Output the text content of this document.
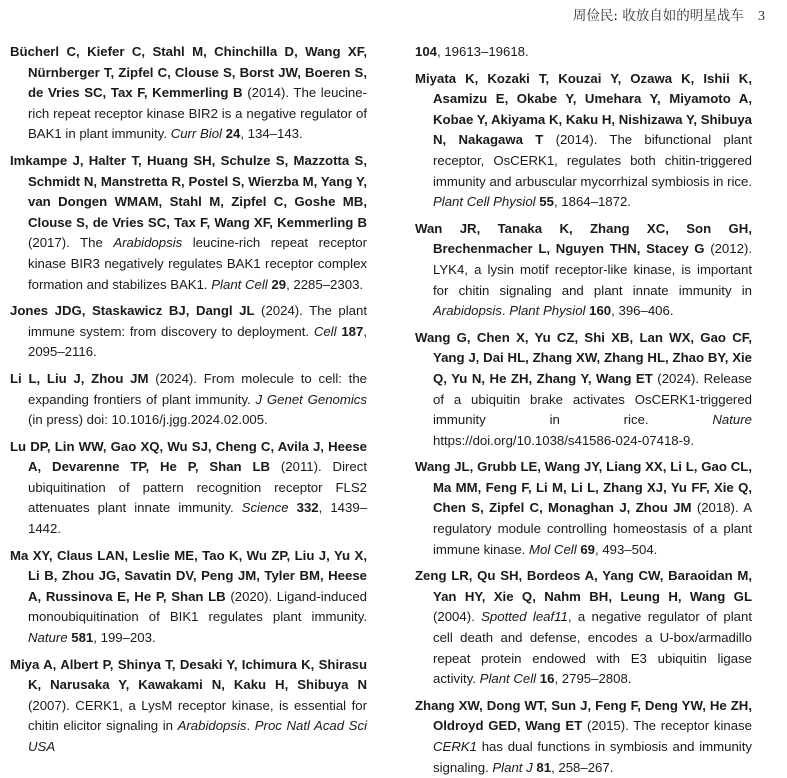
周俭民: 收放自如的明星战车 3

Bücherl C, Kiefer C, Stahl M, Chinchilla D, Wang XF, Nürnberger T, Zipfel C, Clouse S, Borst JW, Boeren S, de Vries SC, Tax F, Kemmerling B (2014). The leucine-rich repeat receptor kinase BIR2 is a negative regulator of BAK1 in plant immunity. Curr Biol 24, 134–143.

Imkampe J, Halter T, Huang SH, Schulze S, Mazzotta S, Schmidt N, Manstretta R, Postel S, Wierzba M, Yang Y, van Dongen WMAM, Stahl M, Zipfel C, Goshe MB, Clouse S, de Vries SC, Tax F, Wang XF, Kemmerling B (2017). The Arabidopsis leucine-rich repeat receptor kinase BIR3 negatively regulates BAK1 receptor complex formation and stabilizes BAK1. Plant Cell 29, 2285–2303.

Jones JDG, Staskawicz BJ, Dangl JL (2024). The plant immune system: from discovery to deployment. Cell 187, 2095–2116.

Li L, Liu J, Zhou JM (2024). From molecule to cell: the expanding frontiers of plant immunity. J Genet Genomics (in press) doi: 10.1016/j.jgg.2024.02.005.

Lu DP, Lin WW, Gao XQ, Wu SJ, Cheng C, Avila J, Heese A, Devarenne TP, He P, Shan LB (2011). Direct ubiquitination of pattern recognition receptor FLS2 attenuates plant innate immunity. Science 332, 1439–1442.

Ma XY, Claus LAN, Leslie ME, Tao K, Wu ZP, Liu J, Yu X, Li B, Zhou JG, Savatin DV, Peng JM, Tyler BM, Heese A, Russinova E, He P, Shan LB (2020). Ligand-induced monoubiquitination of BIK1 regulates plant immunity. Nature 581, 199–203.

Miya A, Albert P, Shinya T, Desaki Y, Ichimura K, Shirasu K, Narusaka Y, Kawakami N, Kaku H, Shibuya N (2007). CERK1, a LysM receptor kinase, is essential for chitin elicitor signaling in Arabidopsis. Proc Natl Acad Sci USA

104, 19613–19618.

Miyata K, Kozaki T, Kouzai Y, Ozawa K, Ishii K, Asamizu E, Okabe Y, Umehara Y, Miyamoto A, Kobae Y, Akiyama K, Kaku H, Nishizawa Y, Shibuya N, Nakagawa T (2014). The bifunctional plant receptor, OsCERK1, regulates both chitin-triggered immunity and arbuscular mycorrhizal symbiosis in rice. Plant Cell Physiol 55, 1864–1872.

Wan JR, Tanaka K, Zhang XC, Son GH, Brechenmacher L, Nguyen THN, Stacey G (2012). LYK4, a lysin motif receptor-like kinase, is important for chitin signaling and plant innate immunity in Arabidopsis. Plant Physiol 160, 396–406.

Wang G, Chen X, Yu CZ, Shi XB, Lan WX, Gao CF, Yang J, Dai HL, Zhang XW, Zhang HL, Zhao BY, Xie Q, Yu N, He ZH, Zhang Y, Wang ET (2024). Release of a ubiquitin brake activates OsCERK1-triggered immunity in rice. Nature https://doi.org/10.1038/s41586-024-07418-9.

Wang JL, Grubb LE, Wang JY, Liang XX, Li L, Gao CL, Ma MM, Feng F, Li M, Li L, Zhang XJ, Yu FF, Xie Q, Chen S, Zipfel C, Monaghan J, Zhou JM (2018). A regulatory module controlling homeostasis of a plant immune kinase. Mol Cell 69, 493–504.

Zeng LR, Qu SH, Bordeos A, Yang CW, Baraoidan M, Yan HY, Xie Q, Nahm BH, Leung H, Wang GL (2004). Spotted leaf11, a negative regulator of plant cell death and defense, encodes a U-box/armadillo repeat protein endowed with E3 ubiquitin ligase activity. Plant Cell 16, 2795–2808.

Zhang XW, Dong WT, Sun J, Feng F, Deng YW, He ZH, Oldroyd GED, Wang ET (2015). The receptor kinase CERK1 has dual functions in symbiosis and immunity signaling. Plant J 81, 258–267.
